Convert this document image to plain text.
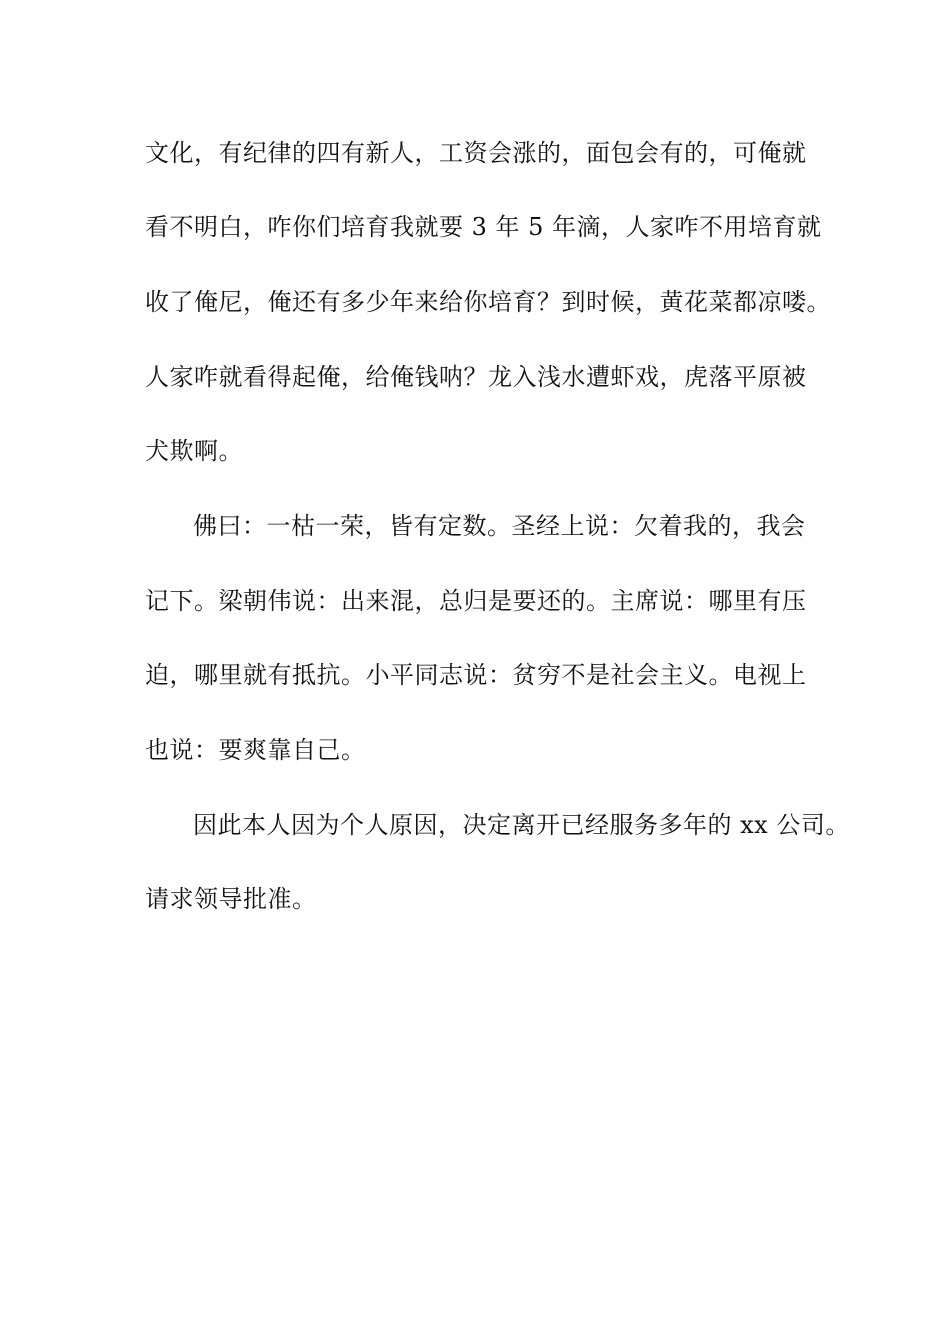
文化，有纪律的四有新人，工资会涨的，面包会有的，可俺就
看不明白，咋你们培育我就要 3 年 5 年滴，人家咋不用培育就
收了俺尼，俺还有多少年来给你培育？到时候，黄花菜都凉喽。
人家咋就看得起俺，给俺钱呐？龙入浅水遭虾戏，虎落平原被
犬欺啊。
佛曰：一枯一荣，皆有定数。圣经上说：欠着我的，我会
记下。梁朝伟说：出来混，总归是要还的。主席说：哪里有压
迫，哪里就有抵抗。小平同志说：贫穷不是社会主义。电视上
也说：要爽靠自己。
因此本人因为个人原因，决定离开已经服务多年的 xx 公司。
请求领导批准。
